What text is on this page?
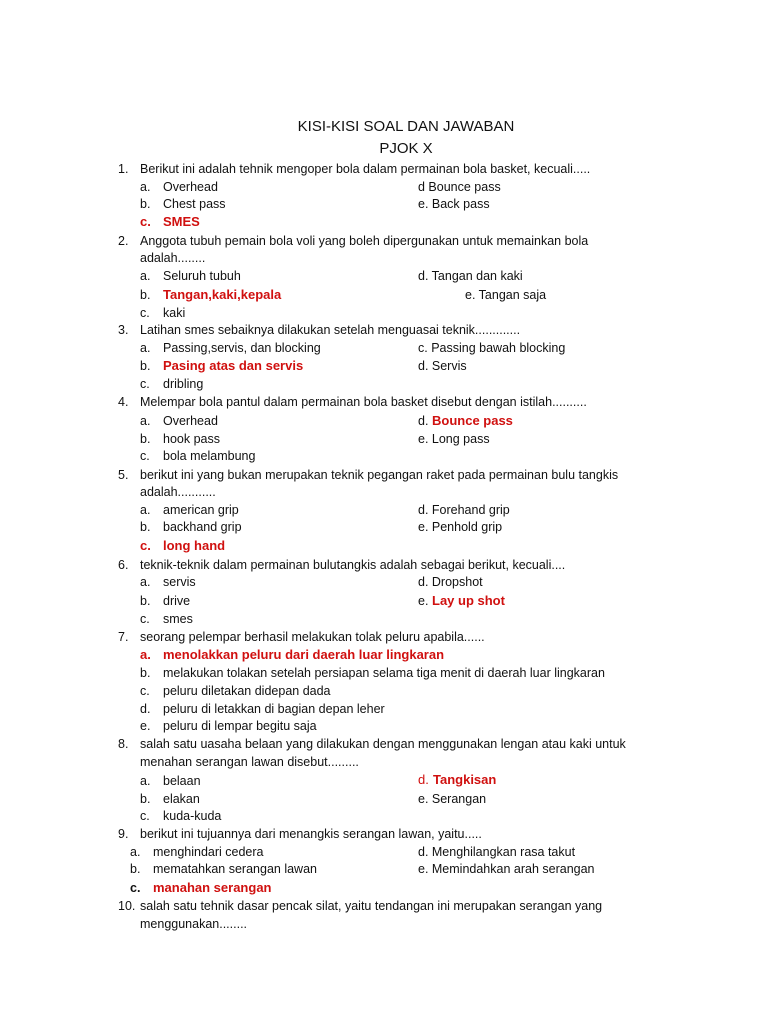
KISI-KISI SOAL DAN JAWABAN
PJOK X
1. Berikut ini adalah tehnik mengoper bola dalam permainan bola basket, kecuali.....
a. Overhead	d Bounce pass
b. Chest pass	e. Back pass
c. SMES
2. Anggota tubuh pemain bola voli yang boleh dipergunakan untuk memainkan bola
adalah........
a. Seluruh tubuh	d. Tangan dan kaki
b. Tangan,kaki,kepala	e. Tangan saja
c. kaki
3. Latihan smes sebaiknya dilakukan setelah menguasai teknik.............
a. Passing,servis, dan blocking	c. Passing bawah blocking
b. Pasing atas dan servis	d. Servis
c. dribling
4. Melempar bola pantul dalam permainan bola basket disebut dengan istilah..........
a. Overhead	d. Bounce pass
b. hook pass	e. Long pass
c. bola melambung
5. berikut ini yang bukan merupakan teknik pegangan raket pada permainan bulu tangkis
adalah...........
a. american grip	d. Forehand grip
b. backhand grip	e. Penhold grip
c. long hand
6. teknik-teknik dalam permainan bulutangkis adalah sebagai berikut, kecuali....
a. servis	d. Dropshot
b. drive	e. Lay up shot
c. smes
7. seorang pelempar berhasil melakukan tolak peluru apabila......
a. menolakkan peluru dari daerah luar lingkaran
b. melakukan tolakan setelah persiapan selama tiga menit di daerah luar lingkaran
c. peluru diletakan didepan dada
d. peluru di letakkan di bagian depan leher
e. peluru di lempar begitu saja
8. salah satu uasaha belaan yang dilakukan dengan menggunakan lengan atau kaki untuk
menahan serangan lawan disebut.........
a. belaan	d. Tangkisan
b. elakan	e. Serangan
c. kuda-kuda
9. berikut ini tujuannya dari menangkis serangan lawan, yaitu.....
a. menghindari cedera	d. Menghilangkan rasa takut
b. mematahkan serangan lawan	e. Memindahkan arah serangan
c. manahan serangan
10. salah satu tehnik dasar pencak silat, yaitu tendangan ini merupakan serangan yang
menggunakan........
